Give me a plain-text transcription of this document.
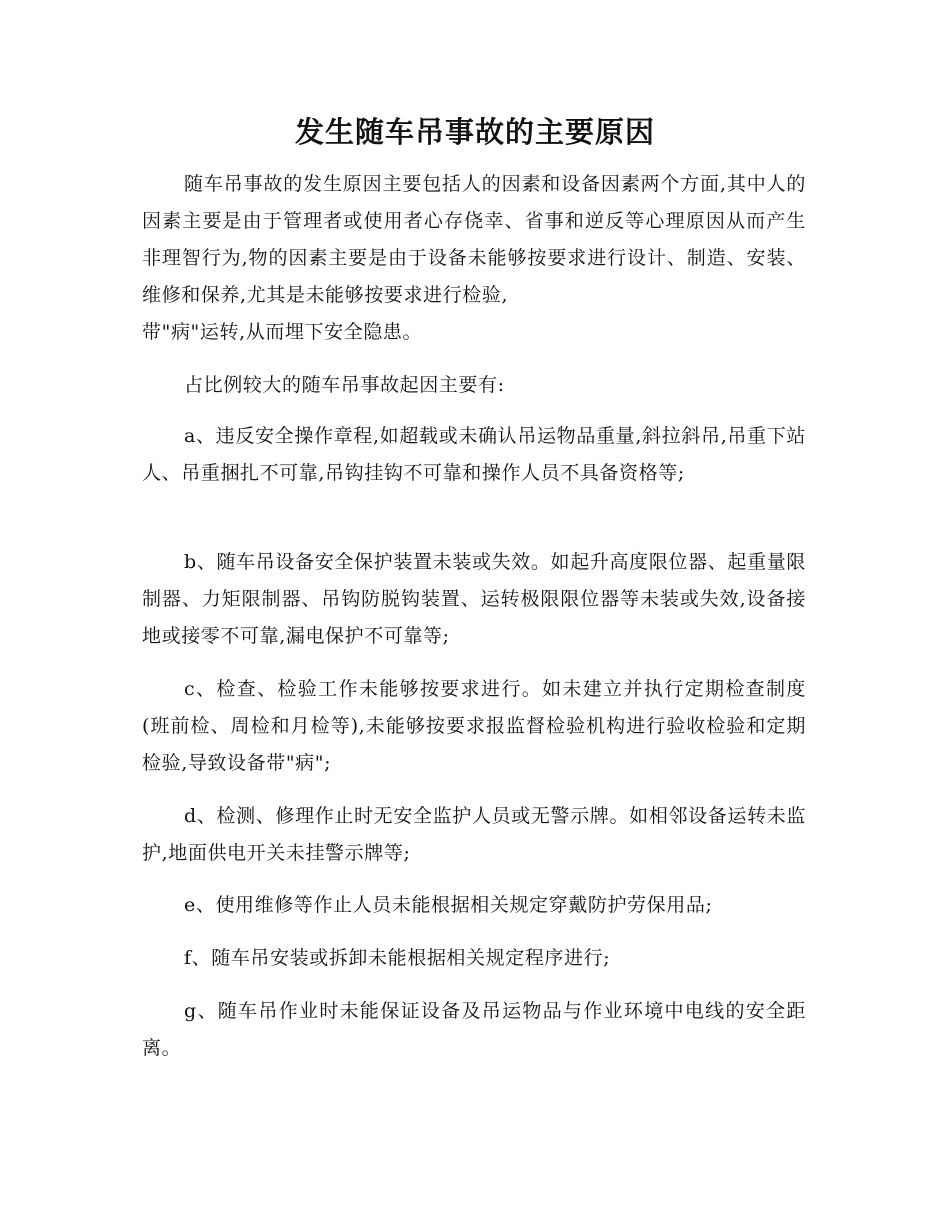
发生随车吊事故的主要原因

随车吊事故的发生原因主要包括人的因素和设备因素两个方面,其中人的因素主要是由于管理者或使用者心存侥幸、省事和逆反等心理原因从而产生非理智行为,物的因素主要是由于设备未能够按要求进行设计、制造、安装、维修和保养,尤其是未能够按要求进行检验,
带"病"运转,从而埋下安全隐患。

占比例较大的随车吊事故起因主要有:

a、违反安全操作章程,如超载或未确认吊运物品重量,斜拉斜吊,吊重下站人、吊重捆扎不可靠,吊钩挂钩不可靠和操作人员不具备资格等;

b、随车吊设备安全保护装置未装或失效。如起升高度限位器、起重量限制器、力矩限制器、吊钩防脱钩装置、运转极限限位器等未装或失效,设备接地或接零不可靠,漏电保护不可靠等;

c、检查、检验工作未能够按要求进行。如未建立并执行定期检查制度(班前检、周检和月检等),未能够按要求报监督检验机构进行验收检验和定期检验,导致设备带"病";

d、检测、修理作止时无安全监护人员或无警示牌。如相邻设备运转未监护,地面供电开关未挂警示牌等;

e、使用维修等作止人员未能根据相关规定穿戴防护劳保用品;

f、随车吊安装或拆卸未能根据相关规定程序进行;

g、随车吊作业时未能保证设备及吊运物品与作业环境中电线的安全距离。
